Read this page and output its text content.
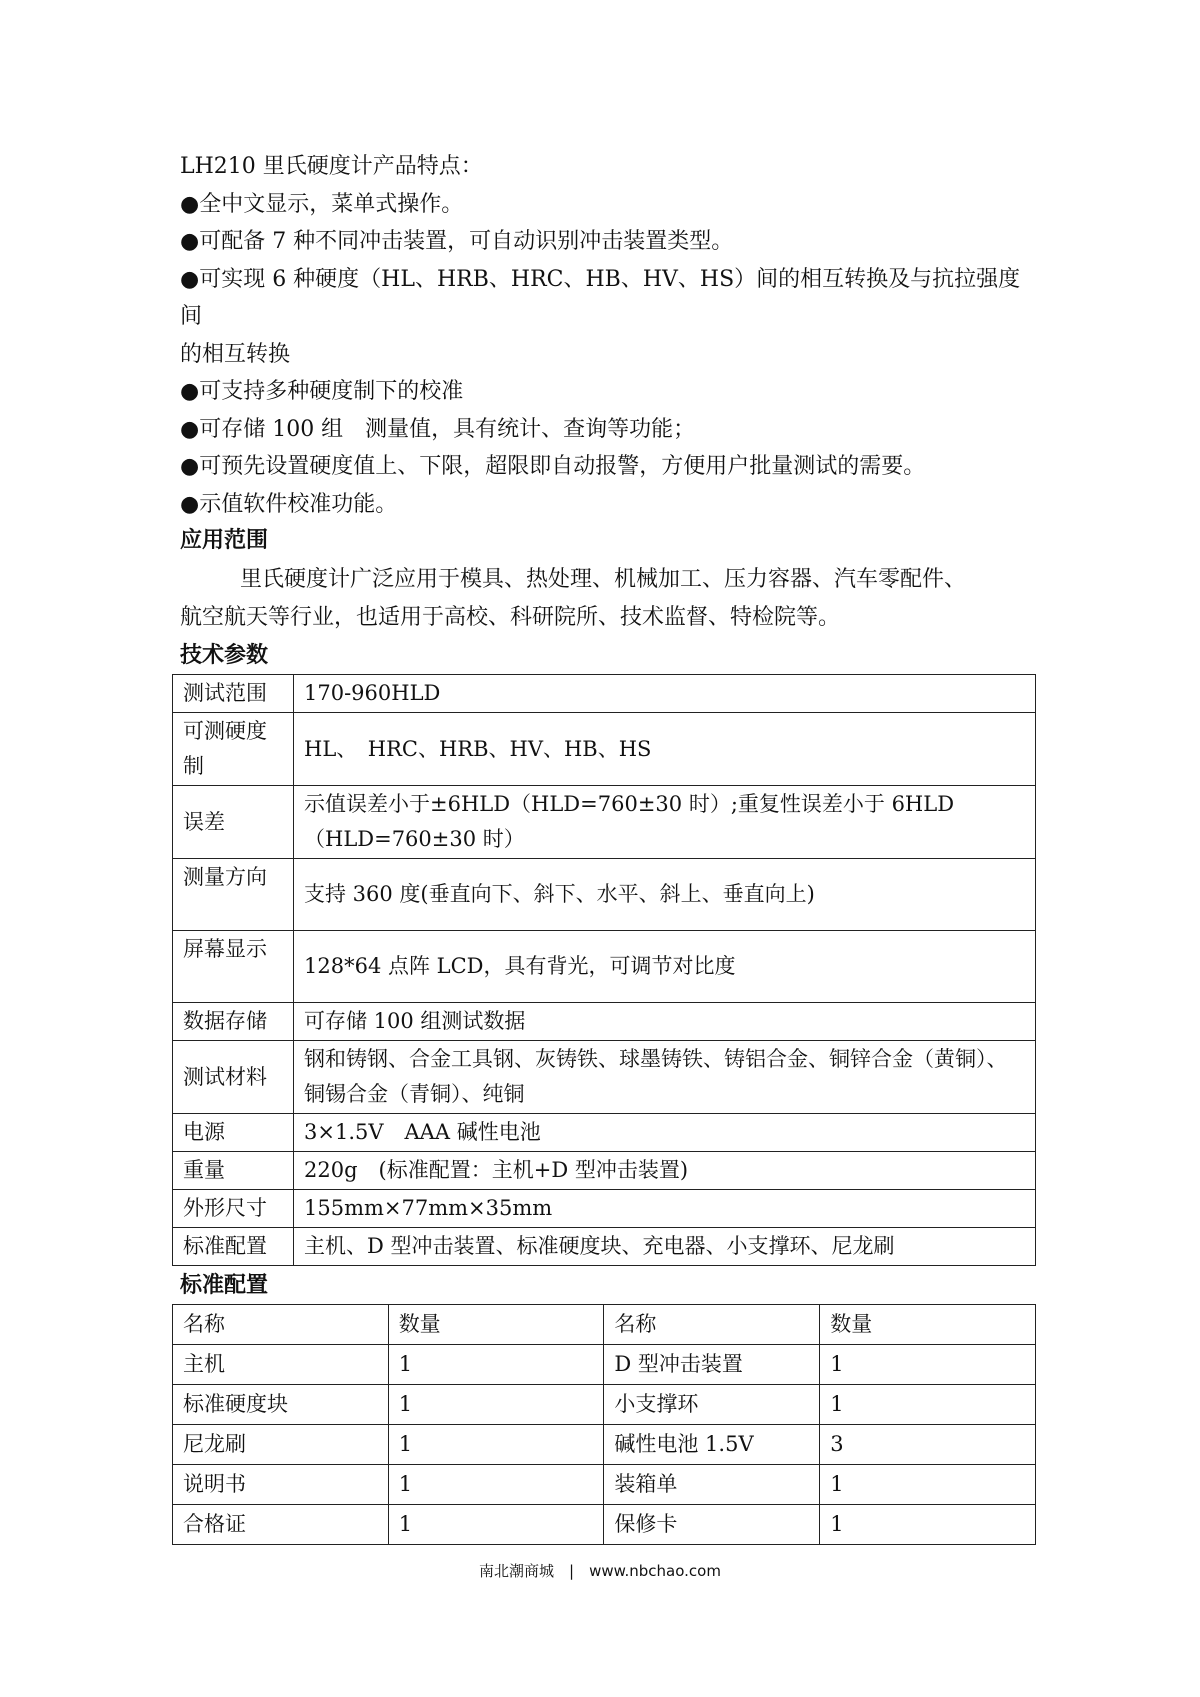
LH210 里氏硬度计产品特点：

● 全中文显示，菜单式操作。

● 可配备 7 种不同冲击装置，可自动识别冲击装置类型。

● 可实现 6 种硬度（HL、HRB、HRC、HB、HV、HS）间的相互转换及与抗拉强度间

的相互转换

● 可支持多种硬度制下的校准

● 可存储 100 组　测量值，具有统计、查询等功能；

● 可预先设置硬度值上、下限，超限即自动报警，方便用户批量测试的需要。

● 示值软件校准功能。

应用范围

里氏硬度计广泛应用于模具、热处理、机械加工、压力容器、汽车零配件、
航空航天等行业，也适用于高校、科研院所、技术监督、特检院等。

技术参数

测试范围	170-960HLD
可测硬度制	HL、　HRC、HRB、HV、HB、HS
误差	示值误差小于±6HLD（HLD=760±30 时）;重复性误差小于 6HLD（HLD=760±30 时）
测量方向	支持 360 度(垂直向下、斜下、水平、斜上、垂直向上)
屏幕显示	128*64 点阵 LCD，具有背光，可调节对比度
数据存储	可存储 100 组测试数据
测试材料	钢和铸钢、合金工具钢、灰铸铁、球墨铸铁、铸铝合金、铜锌合金（黄铜）、铜锡合金（青铜）、纯铜
电源	3×1.5V　AAA 碱性电池
重量	220g　(标准配置：主机+D 型冲击装置)
外形尺寸	155mm×77mm×35mm
标准配置	主机、D 型冲击装置、标准硬度块、充电器、小支撑环、尼龙刷

标准配置

名称	数量	名称	数量
主机	1	D 型冲击装置	1
标准硬度块	1	小支撑环	1
尼龙刷	1	碱性电池 1.5V	3
说明书	1	装箱单	1
合格证	1	保修卡	1
南北潮商城　|　www.nbchao.com
